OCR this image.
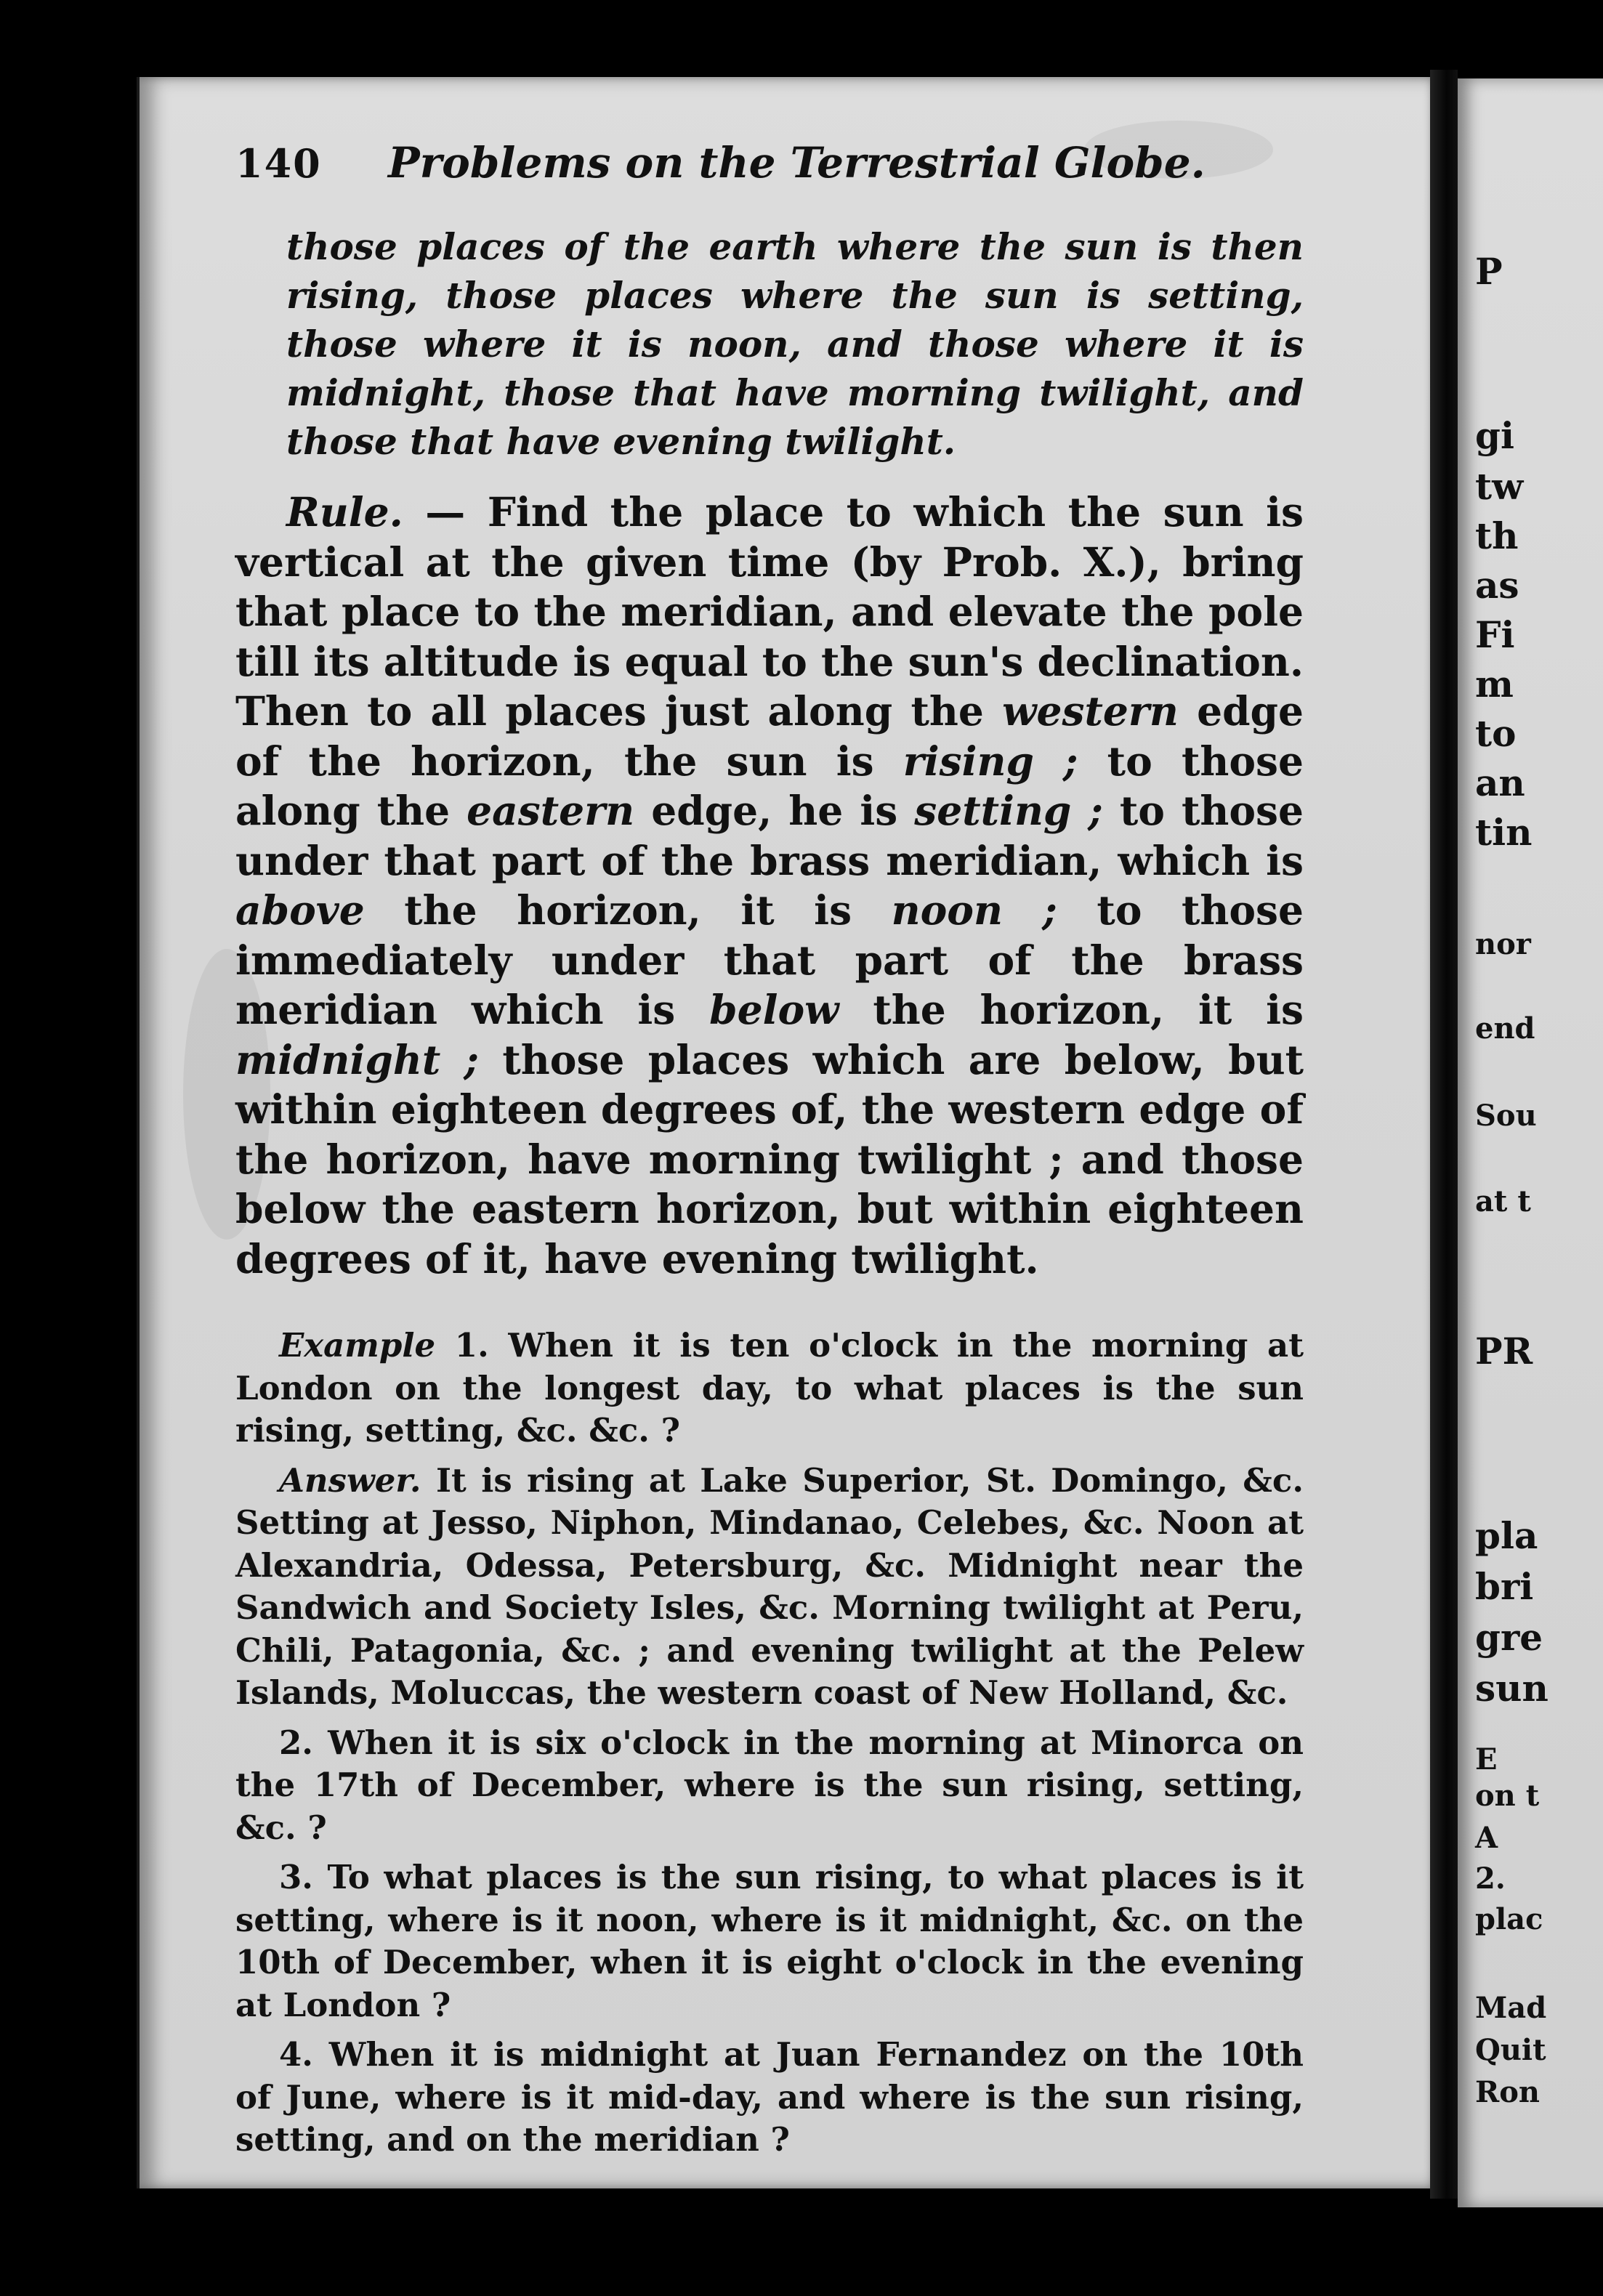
140	Problems on the Terrestrial Globe.
those places of the earth where the sun is then rising, those places where the sun is setting, those where it is noon, and those where it is midnight, those that have morning twilight, and those that have evening twilight.
Rule. — Find the place to which the sun is vertical at the given time (by Prob. X.), bring that place to the meridian, and elevate the pole till its altitude is equal to the sun's declination. Then to all places just along the western edge of the horizon, the sun is rising ; to those along the eastern edge, he is setting ; to those under that part of the brass meridian, which is above the horizon, it is noon ; to those immediately under that part of the brass meridian which is below the horizon, it is midnight ; those places which are below, but within eighteen degrees of, the western edge of the horizon, have morning twilight ; and those below the eastern horizon, but within eighteen degrees of it, have evening twilight.

Example 1. When it is ten o'clock in the morning at London on the longest day, to what places is the sun rising, setting, &c. &c. ?

Answer. It is rising at Lake Superior, St. Domingo, &c. Setting at Jesso, Niphon, Mindanao, Celebes, &c. Noon at Alexandria, Odessa, Petersburg, &c. Midnight near the Sandwich and Society Isles, &c. Morning twilight at Peru, Chili, Patagonia, &c. ; and evening twilight at the Pelew Islands, Moluccas, the western coast of New Holland, &c.

2. When it is six o'clock in the morning at Minorca on the 17th of December, where is the sun rising, setting, &c. ?

3. To what places is the sun rising, to what places is it setting, where is it noon, where is it midnight, &c. on the 10th of December, when it is eight o'clock in the evening at London ?

4. When it is midnight at Juan Fernandez on the 10th of June, where is it mid-day, and where is the sun rising, setting, and on the meridian ?

P
gi
tw
th
as
Fi
m
to
an
tin
nor
end
Sou
at t
PR
pla
bri
gre
sun
E
on t
A
2.
plac
Mad
Quit
Ron
